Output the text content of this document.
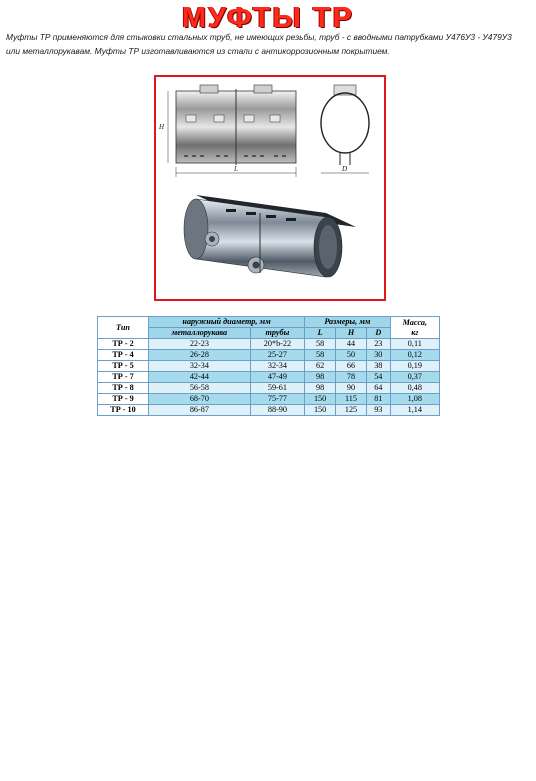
МУФТЫ ТР
Муфты ТР применяются для стыковки стальных труб, не имеющих резьбы, труб - с вводными патрубками У476У3 - У479У3
или металлорукавам. Муфты ТР изготавливаются из стали с антикоррозионным покрытием.
L
H
D
Тип	наружный диаметр, мм		Размеры, мм			Масса,
кг
	металлорукава	трубы	L	H	D	
ТР - 2	22-23	20*b-22	58	44	23	0,11
ТР - 4	26-28	25-27	58	50	30	0,12
ТР - 5	32-34	32-34	62	66	38	0,19
ТР - 7	42-44	47-49	98	78	54	0,37
ТР - 8	56-58	59-61	98	90	64	0,48
ТР - 9	68-70	75-77	150	115	81	1,08
ТР - 10	86-87	88-90	150	125	93	1,14
